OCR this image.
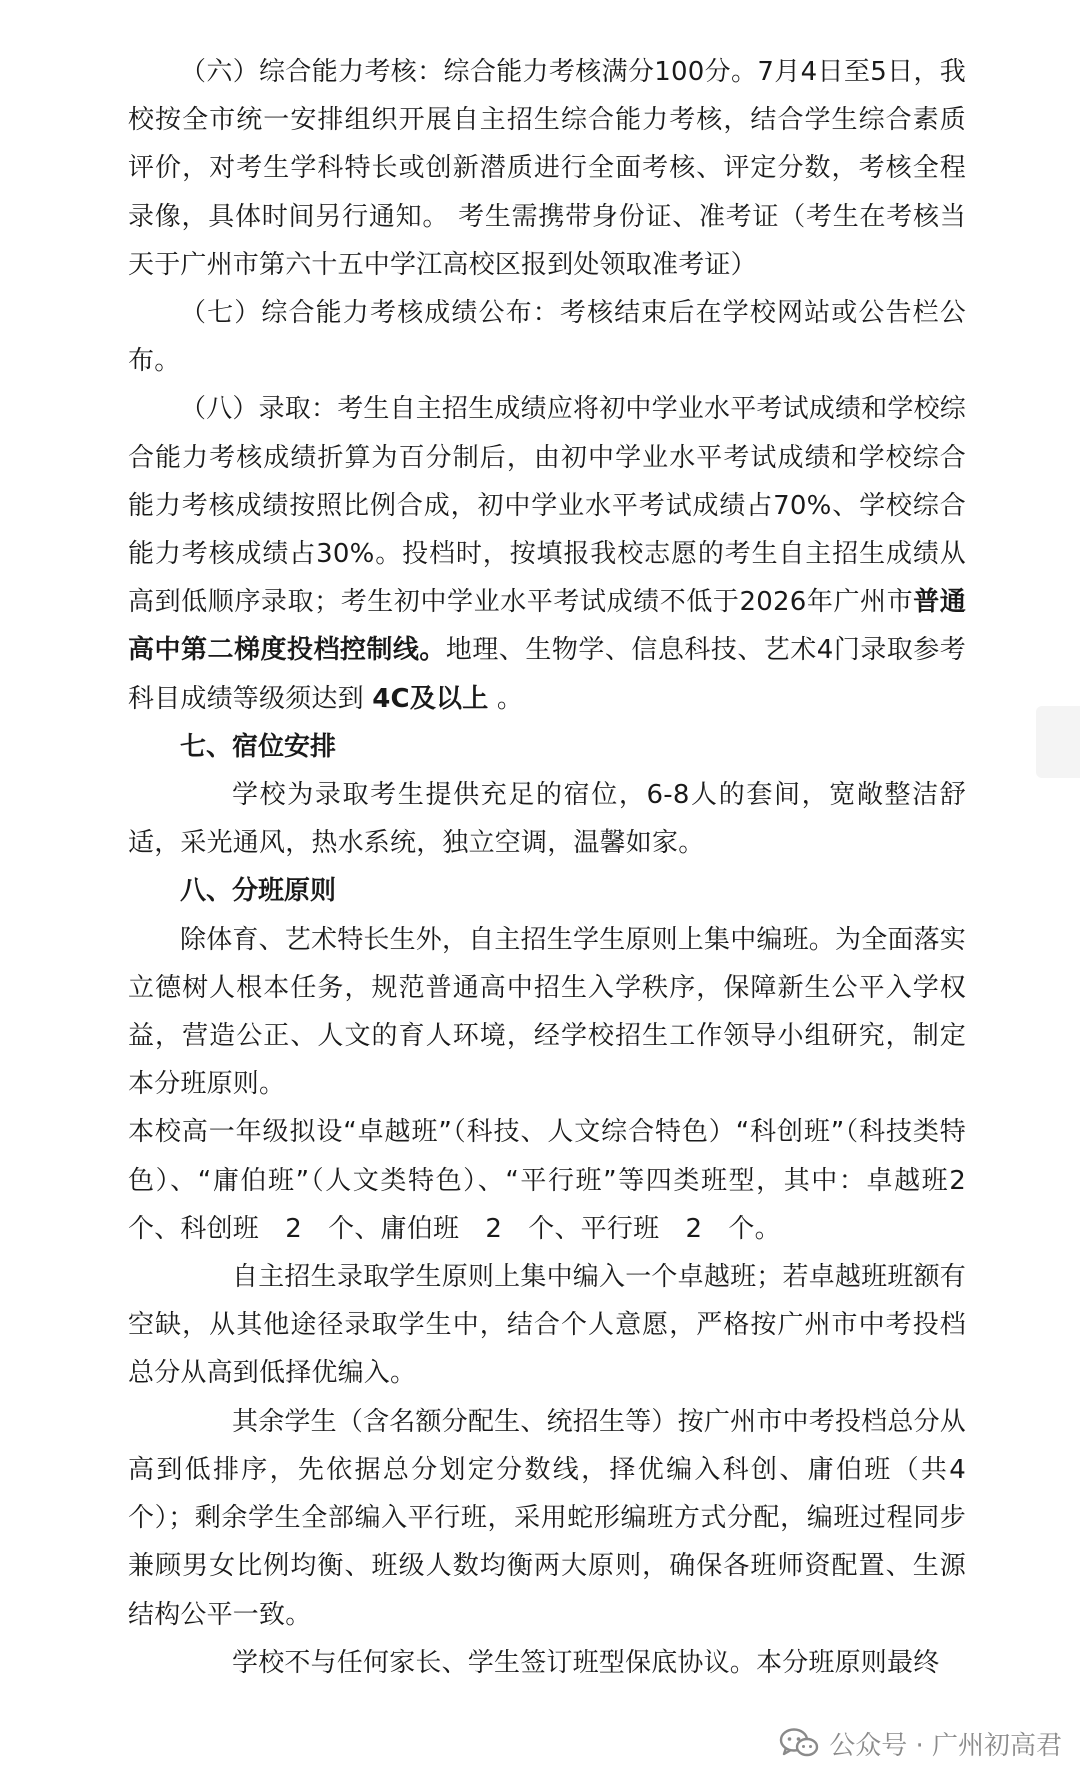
（六）综合能力考核：综合能力考核满分100分。7月4日至5日，我校按全市统一安排组织开展自主招生综合能力考核，结合学生综合素质评价，对考生学科特长或创新潜质进行全面考核、评定分数，考核全程录像，具体时间另行通知。 考生需携带身份证、准考证（考生在考核当天于广州市第六十五中学江高校区报到处领取准考证）

（七）综合能力考核成绩公布：考核结束后在学校网站或公告栏公布。

（八）录取：考生自主招生成绩应将初中学业水平考试成绩和学校综合能力考核成绩折算为百分制后，由初中学业水平考试成绩和学校综合能力考核成绩按照比例合成，初中学业水平考试成绩占70%、学校综合能力考核成绩占30%。投档时，按填报我校志愿的考生自主招生成绩从高到低顺序录取；考生初中学业水平考试成绩不低于2026年广州市普通高中第二梯度投档控制线。地理、生物学、信息科技、艺术4门录取参考科目成绩等级须达到 4C及以上 。

七、宿位安排

学校为录取考生提供充足的宿位，6-8人的套间，宽敞整洁舒适，采光通风，热水系统，独立空调，温馨如家。

八、分班原则

除体育、艺术特长生外，自主招生学生原则上集中编班。为全面落实立德树人根本任务，规范普通高中招生入学秩序，保障新生公平入学权益，营造公正、人文的育人环境，经学校招生工作领导小组研究，制定本分班原则。

本校高一年级拟设“卓越班”（科技、人文综合特色）“科创班”（科技类特色）、“庸伯班”（人文类特色）、“平行班”等四类班型，其中：卓越班2　个、科创班　2　个、庸伯班　2　个、平行班　2　个。

自主招生录取学生原则上集中编入一个卓越班；若卓越班班额有空缺，从其他途径录取学生中，结合个人意愿，严格按广州市中考投档总分从高到低择优编入。

其余学生（含名额分配生、统招生等）按广州市中考投档总分从高到低排序，先依据总分划定分数线，择优编入科创、庸伯班（共4个）；剩余学生全部编入平行班，采用蛇形编班方式分配，编班过程同步兼顾男女比例均衡、班级人数均衡两大原则，确保各班师资配置、生源结构公平一致。

学校不与任何家长、学生签订班型保底协议。本分班原则最终

公众号 · 广州初高君
